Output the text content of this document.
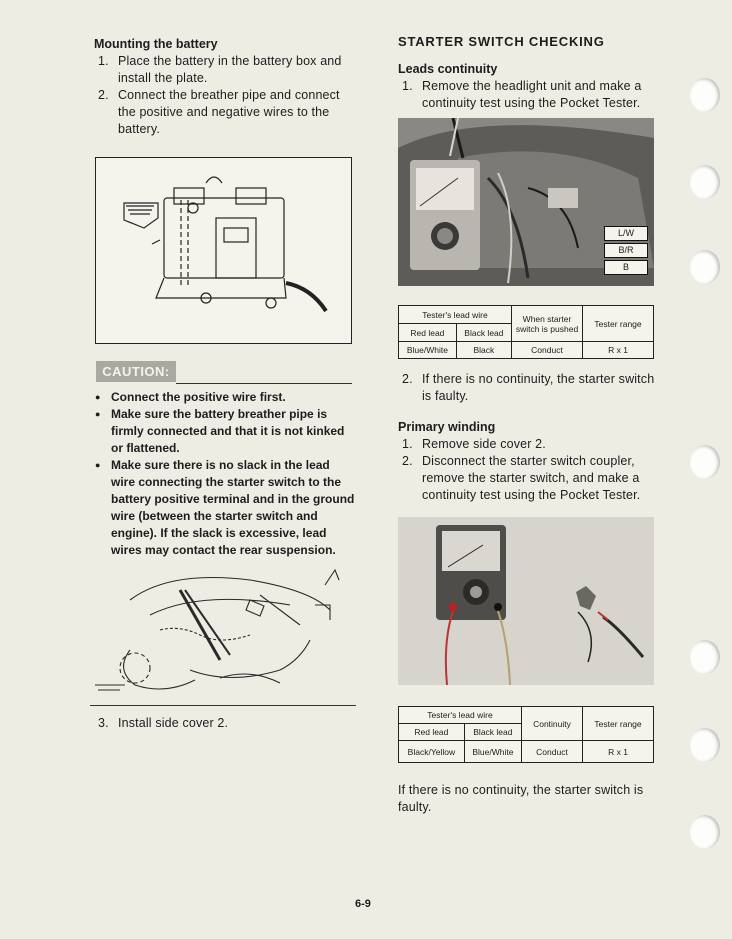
Mounting the battery
1. Place the battery in the battery box and install the plate.
2. Connect the breather pipe and connect the positive and negative wires to the battery.
CAUTION:
● Connect the positive wire first.
● Make sure the battery breather pipe is firmly connected and that it is not kinked or flattened.
● Make sure there is no slack in the lead wire connecting the starter switch to the battery positive terminal and in the ground wire (between the starter switch and engine). If the slack is excessive, lead wires may contact the rear suspension.
3. Install side cover 2.
STARTER SWITCH CHECKING
Leads continuity
1. Remove the headlight unit and make a continuity test using the Pocket Tester.
L/W
B/R
B
Tester's lead wire		When starter switch is pushed	Tester range
Red lead	Black lead		
Blue/White	Black	Conduct	R x 1
2. If there is no continuity, the starter switch is faulty.
Primary winding
1. Remove side cover 2.
2. Disconnect the starter switch coupler, remove the starter switch, and make a continuity test using the Pocket Tester.
Tester's lead wire		Continuity	Tester range
Red lead	Black lead		
Black/Yellow	Blue/White	Conduct	R x 1
If there is no continuity, the starter switch is faulty.
6-9
